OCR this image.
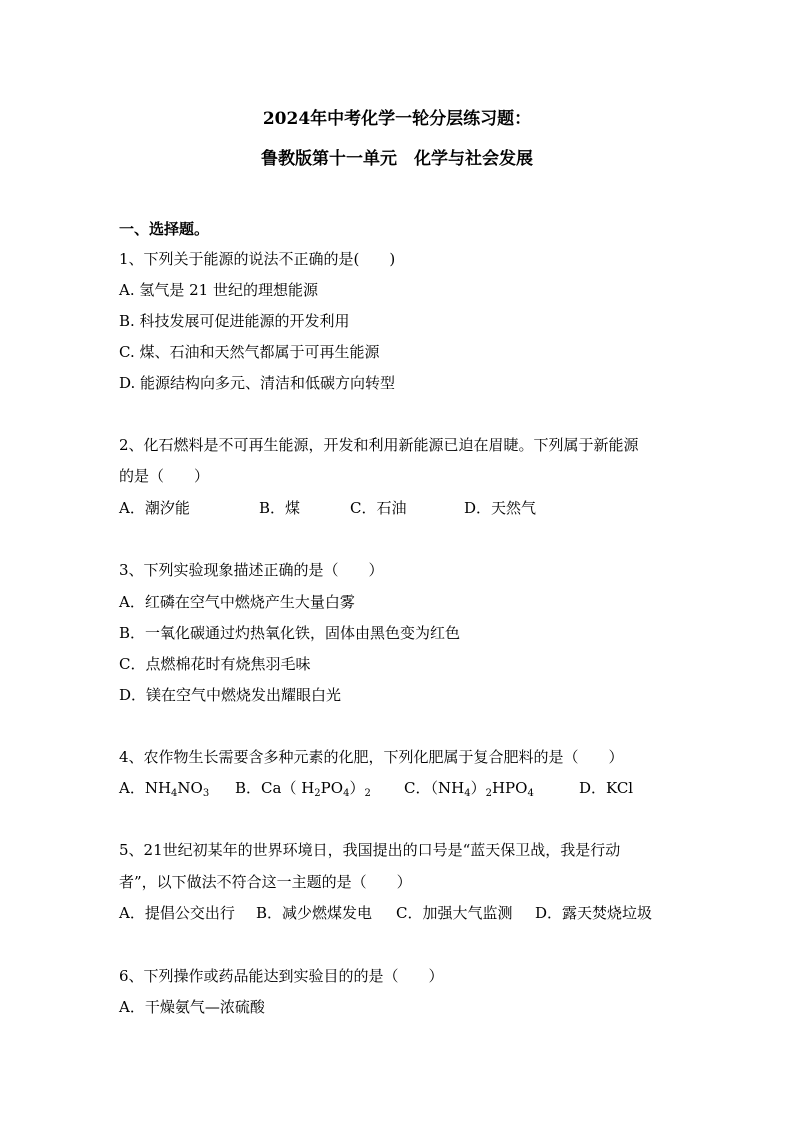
2024年中考化学一轮分层练习题：
鲁教版第十一单元　化学与社会发展
一、选择题。
1、下列关于能源的说法不正确的是(　　)
A. 氢气是 21 世纪的理想能源
B. 科技发展可促进能源的开发利用
C. 煤、石油和天然气都属于可再生能源
D. 能源结构向多元、清洁和低碳方向转型
2、化石燃料是不可再生能源，开发和利用新能源已迫在眉睫。下列属于新能源
的是（　　）

A．潮汐能

	B．煤

	C．石油

	D．天然气

3、下列实验现象描述正确的是（　　）
A．红磷在空气中燃烧产生大量白雾
B．一氧化碳通过灼热氧化铁，固体由黑色变为红色
C．点燃棉花时有烧焦羽毛味
D．镁在空气中燃烧发出耀眼白光
4、农作物生长需要含多种元素的化肥，下列化肥属于复合肥料的是（　　）

A．$NH_4NO_3$

B．Ca（ $H_2PO_4)_2$

C．$(NH_4)_2HPO_4$

	D．KCl

5、21世纪初某年的世界环境日，我国提出的口号是“蓝天保卫战，我是行动
者”，以下做法不符合这一主题的是（　　）

A．提倡公交出行

B．减少燃煤发电

C．加强大气监测

D．露天焚烧垃圾

6、下列操作或药品能达到实验目的的是（　　）
A．干燥氨气—浓硫酸
